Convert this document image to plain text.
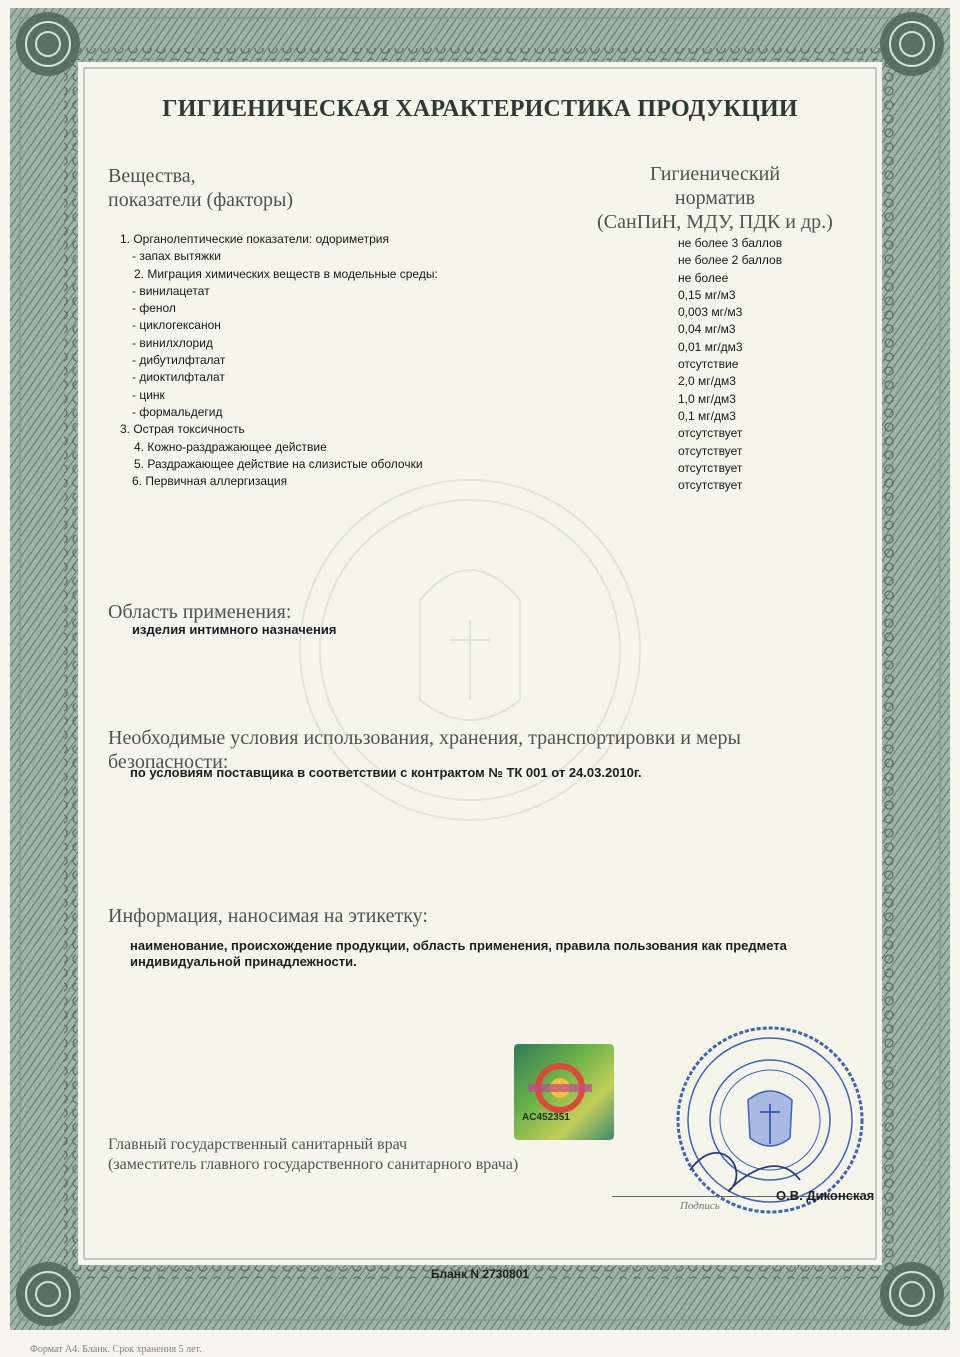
ГИГИЕНИЧЕСКАЯ ХАРАКТЕРИСТИКА ПРОДУКЦИИ
Вещества,
показатели (факторы)
Гигиенический
норматив
(СанПиН, МДУ, ПДК и др.)
1. Органолептические показатели: одориметрия
- запах вытяжки
2. Миграция химических веществ в модельные среды:
- винилацетат
- фенол
- циклогексанон
- винилхлорид
- дибутилфталат
- диоктилфталат
- цинк
- формальдегид
3. Острая токсичность
4. Кожно-раздражающее действие
5. Раздражающее действие на слизистые оболочки
6. Первичная аллергизация
не более 3 баллов
не более 2 баллов
не более
0,15 мг/м3
0,003 мг/м3
0,04 мг/м3
0,01 мг/дм3
отсутствие
2,0 мг/дм3
1,0 мг/дм3
0,1 мг/дм3
отсутствует
отсутствует
отсутствует
отсутствует
Область применения:
изделия интимного назначения
Необходимые условия использования, хранения, транспортировки и меры
безопасности:
по условиям поставщика в соответствии с контрактом № ТК 001 от 24.03.2010г.
Информация, наносимая на этикетку:
наименование, происхождение продукции, область применения, правила пользования как предмета
индивидуальной принадлежности.
AC452351
Главный государственный санитарный врач
(заместитель главного государственного санитарного врача)
Подпись
О.В. Диконская
Бланк N 2730801
Формат А4. Бланк. Срок хранения 5 лет.
